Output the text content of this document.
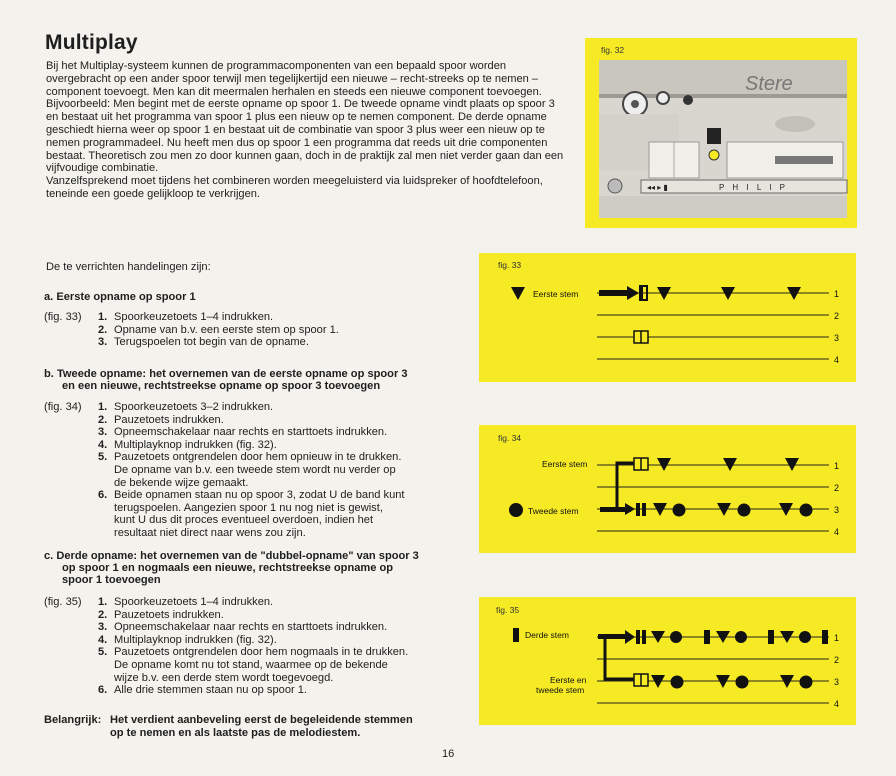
Multiplay

Bij het Multiplay-systeem kunnen de programmacomponenten van een bepaald spoor worden overgebracht op een ander spoor terwijl men tegelijkertijd een nieuwe – recht-streeks op te nemen – component toevoegt. Men kan dit meermalen herhalen en steeds een nieuwe component toevoegen.

Bijvoorbeeld: Men begint met de eerste opname op spoor 1. De tweede opname vindt plaats op spoor 3 en bestaat uit het programma van spoor 1 plus een nieuw op te nemen component. De derde opname geschiedt hierna weer op spoor 1 en bestaat uit de combinatie van spoor 3 plus weer een nieuw op te nemen programmadeel. Nu heeft men dus op spoor 1 een programma dat reeds uit drie componenten bestaat. Theoretisch zou men zo door kunnen gaan, doch in de praktijk zal men niet verder gaan dan een vijfvoudige combinatie.

Vanzelfsprekend moet tijdens het combineren worden meegeluisterd via luidspreker of hoofdtelefoon, teneinde een goede gelijkloop te verkrijgen.

fig. 32
Stere
◂◂ ▸ ▮	P H I L I P
De te verrichten handelingen zijn:
a. Eerste opname op spoor 1
(fig. 33) 1. Spoorkeuzetoets 1–4 indrukken.
2. Opname van b.v. een eerste stem op spoor 1.
3. Terugspoelen tot begin van de opname.
b. Tweede opname: het overnemen van de eerste opname op spoor 3
en een nieuwe, rechtstreekse opname op spoor 3 toevoegen
(fig. 34) 1. Spoorkeuzetoets 3–2 indrukken.
2. Pauzetoets indrukken.
3. Opneemschakelaar naar rechts en starttoets indrukken.
4. Multiplayknop indrukken (fig. 32).
5. Pauzetoets ontgrendelen door hem opnieuw in te drukken.
De opname van b.v. een tweede stem wordt nu verder op
de bekende wijze gemaakt.
6. Beide opnamen staan nu op spoor 3, zodat U de band kunt
terugspoelen. Aangezien spoor 1 nu nog niet is gewist,
kunt U dus dit proces eventueel overdoen, indien het
resultaat niet direct naar wens zou zijn.
c. Derde opname: het overnemen van de "dubbel-opname" van spoor 3
op spoor 1 en nogmaals een nieuwe, rechtstreekse opname op
spoor 1 toevoegen
(fig. 35) 1. Spoorkeuzetoets 1–4 indrukken.
2. Pauzetoets indrukken.
3. Opneemschakelaar naar rechts en starttoets indrukken.
4. Multiplayknop indrukken (fig. 32).
5. Pauzetoets ontgrendelen door hem nogmaals in te drukken.
De opname komt nu tot stand, waarmee op de bekende
wijze b.v. een derde stem wordt toegevoegd.
6. Alle drie stemmen staan nu op spoor 1.
Belangrijk: Het verdient aanbeveling eerst de begeleidende stemmen
op te nemen en als laatste pas de melodiestem.
16
fig. 33
Eerste stem	1
2
3
4
fig. 34
Eerste stem
Tweede stem
1
2
3
4
fig. 35
Derde stem
Eerste en
tweede stem
1
2
3
4
